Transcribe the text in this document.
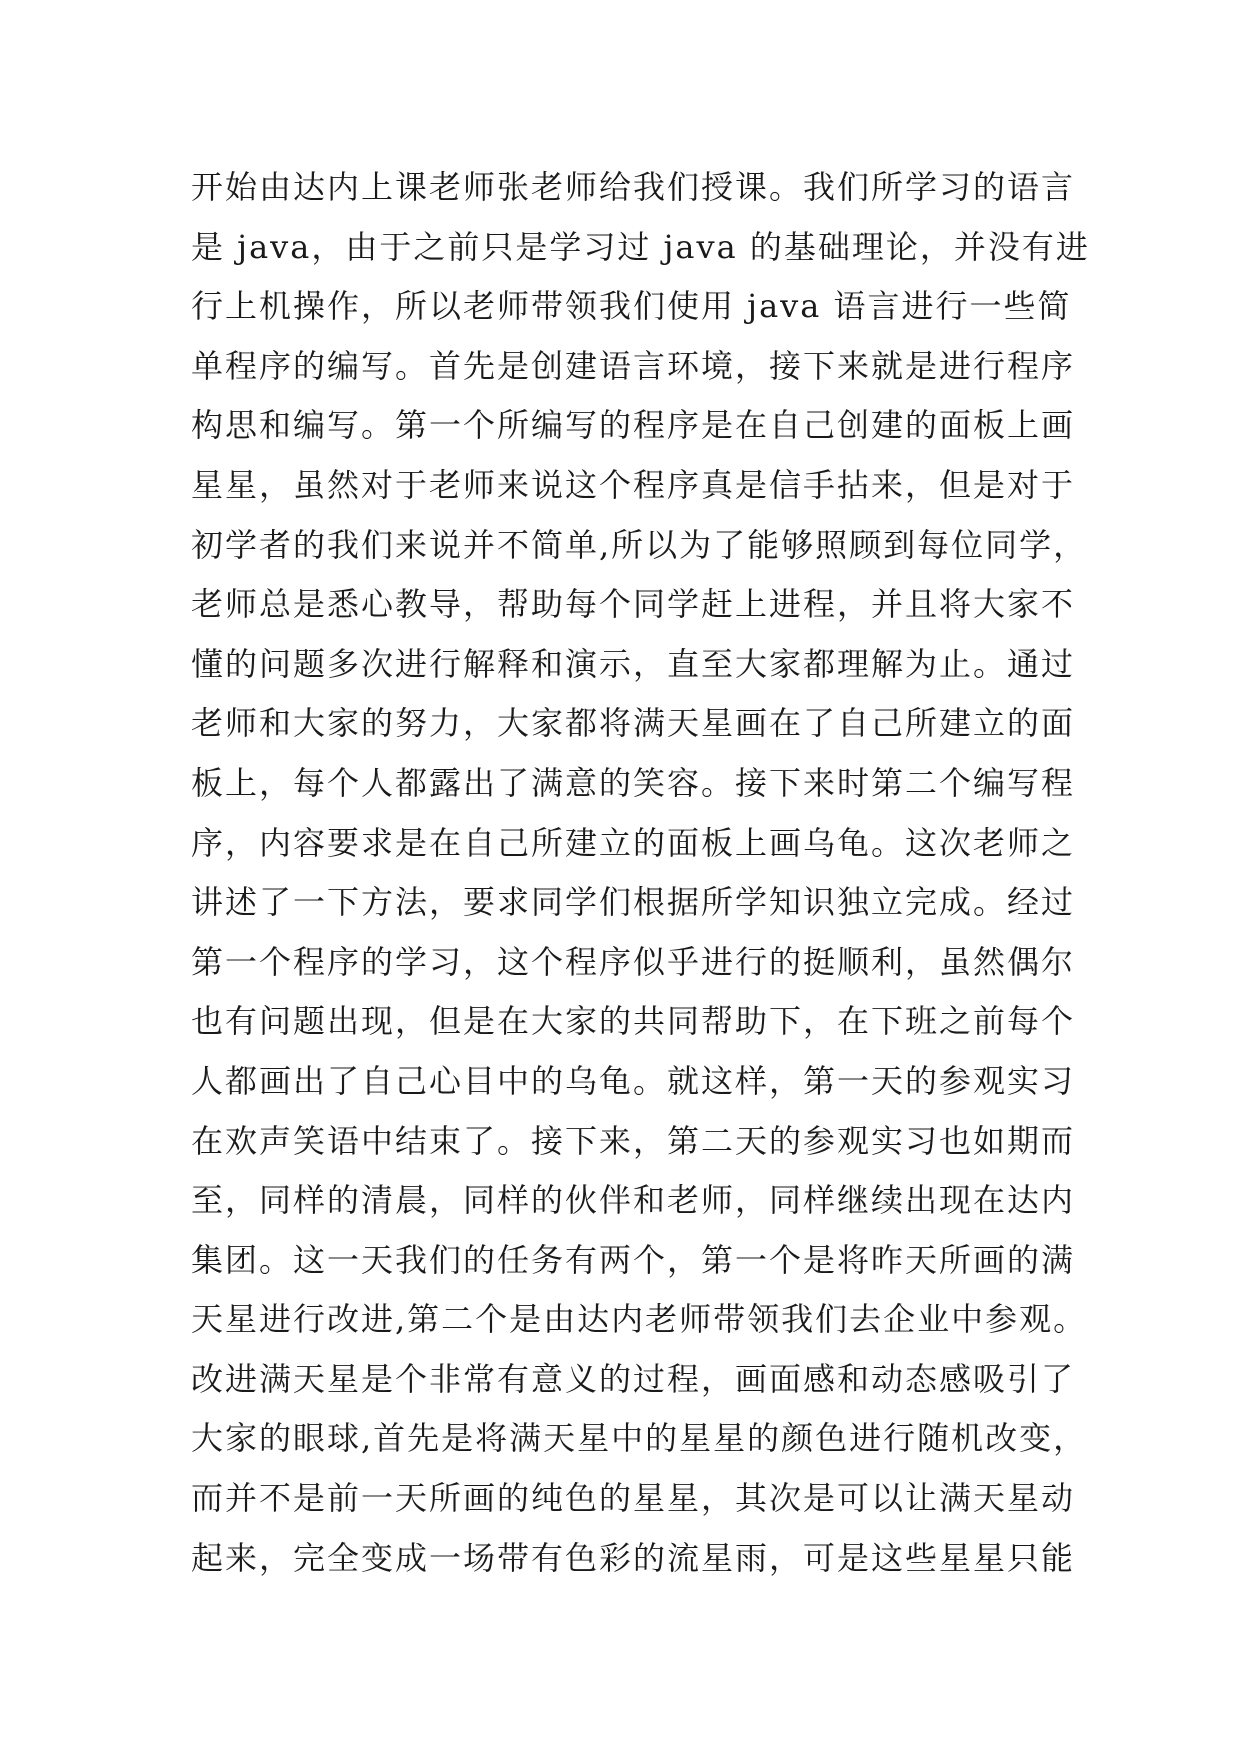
开始由达内上课老师张老师给我们授课。我们所学习的语言
是 java，由于之前只是学习过 java 的基础理论，并没有进
行上机操作，所以老师带领我们使用 java 语言进行一些简
单程序的编写。首先是创建语言环境，接下来就是进行程序
构思和编写。第一个所编写的程序是在自己创建的面板上画
星星，虽然对于老师来说这个程序真是信手拈来，但是对于
初学者的我们来说并不简单,所以为了能够照顾到每位同学，
老师总是悉心教导，帮助每个同学赶上进程，并且将大家不
懂的问题多次进行解释和演示，直至大家都理解为止。通过
老师和大家的努力，大家都将满天星画在了自己所建立的面
板上，每个人都露出了满意的笑容。接下来时第二个编写程
序，内容要求是在自己所建立的面板上画乌龟。这次老师之
讲述了一下方法，要求同学们根据所学知识独立完成。经过
第一个程序的学习，这个程序似乎进行的挺顺利，虽然偶尔
也有问题出现，但是在大家的共同帮助下，在下班之前每个
人都画出了自己心目中的乌龟。就这样，第一天的参观实习
在欢声笑语中结束了。接下来，第二天的参观实习也如期而
至，同样的清晨，同样的伙伴和老师，同样继续出现在达内
集团。这一天我们的任务有两个，第一个是将昨天所画的满
天星进行改进,第二个是由达内老师带领我们去企业中参观。
改进满天星是个非常有意义的过程，画面感和动态感吸引了
大家的眼球,首先是将满天星中的星星的颜色进行随机改变，
而并不是前一天所画的纯色的星星，其次是可以让满天星动
起来，完全变成一场带有色彩的流星雨，可是这些星星只能
